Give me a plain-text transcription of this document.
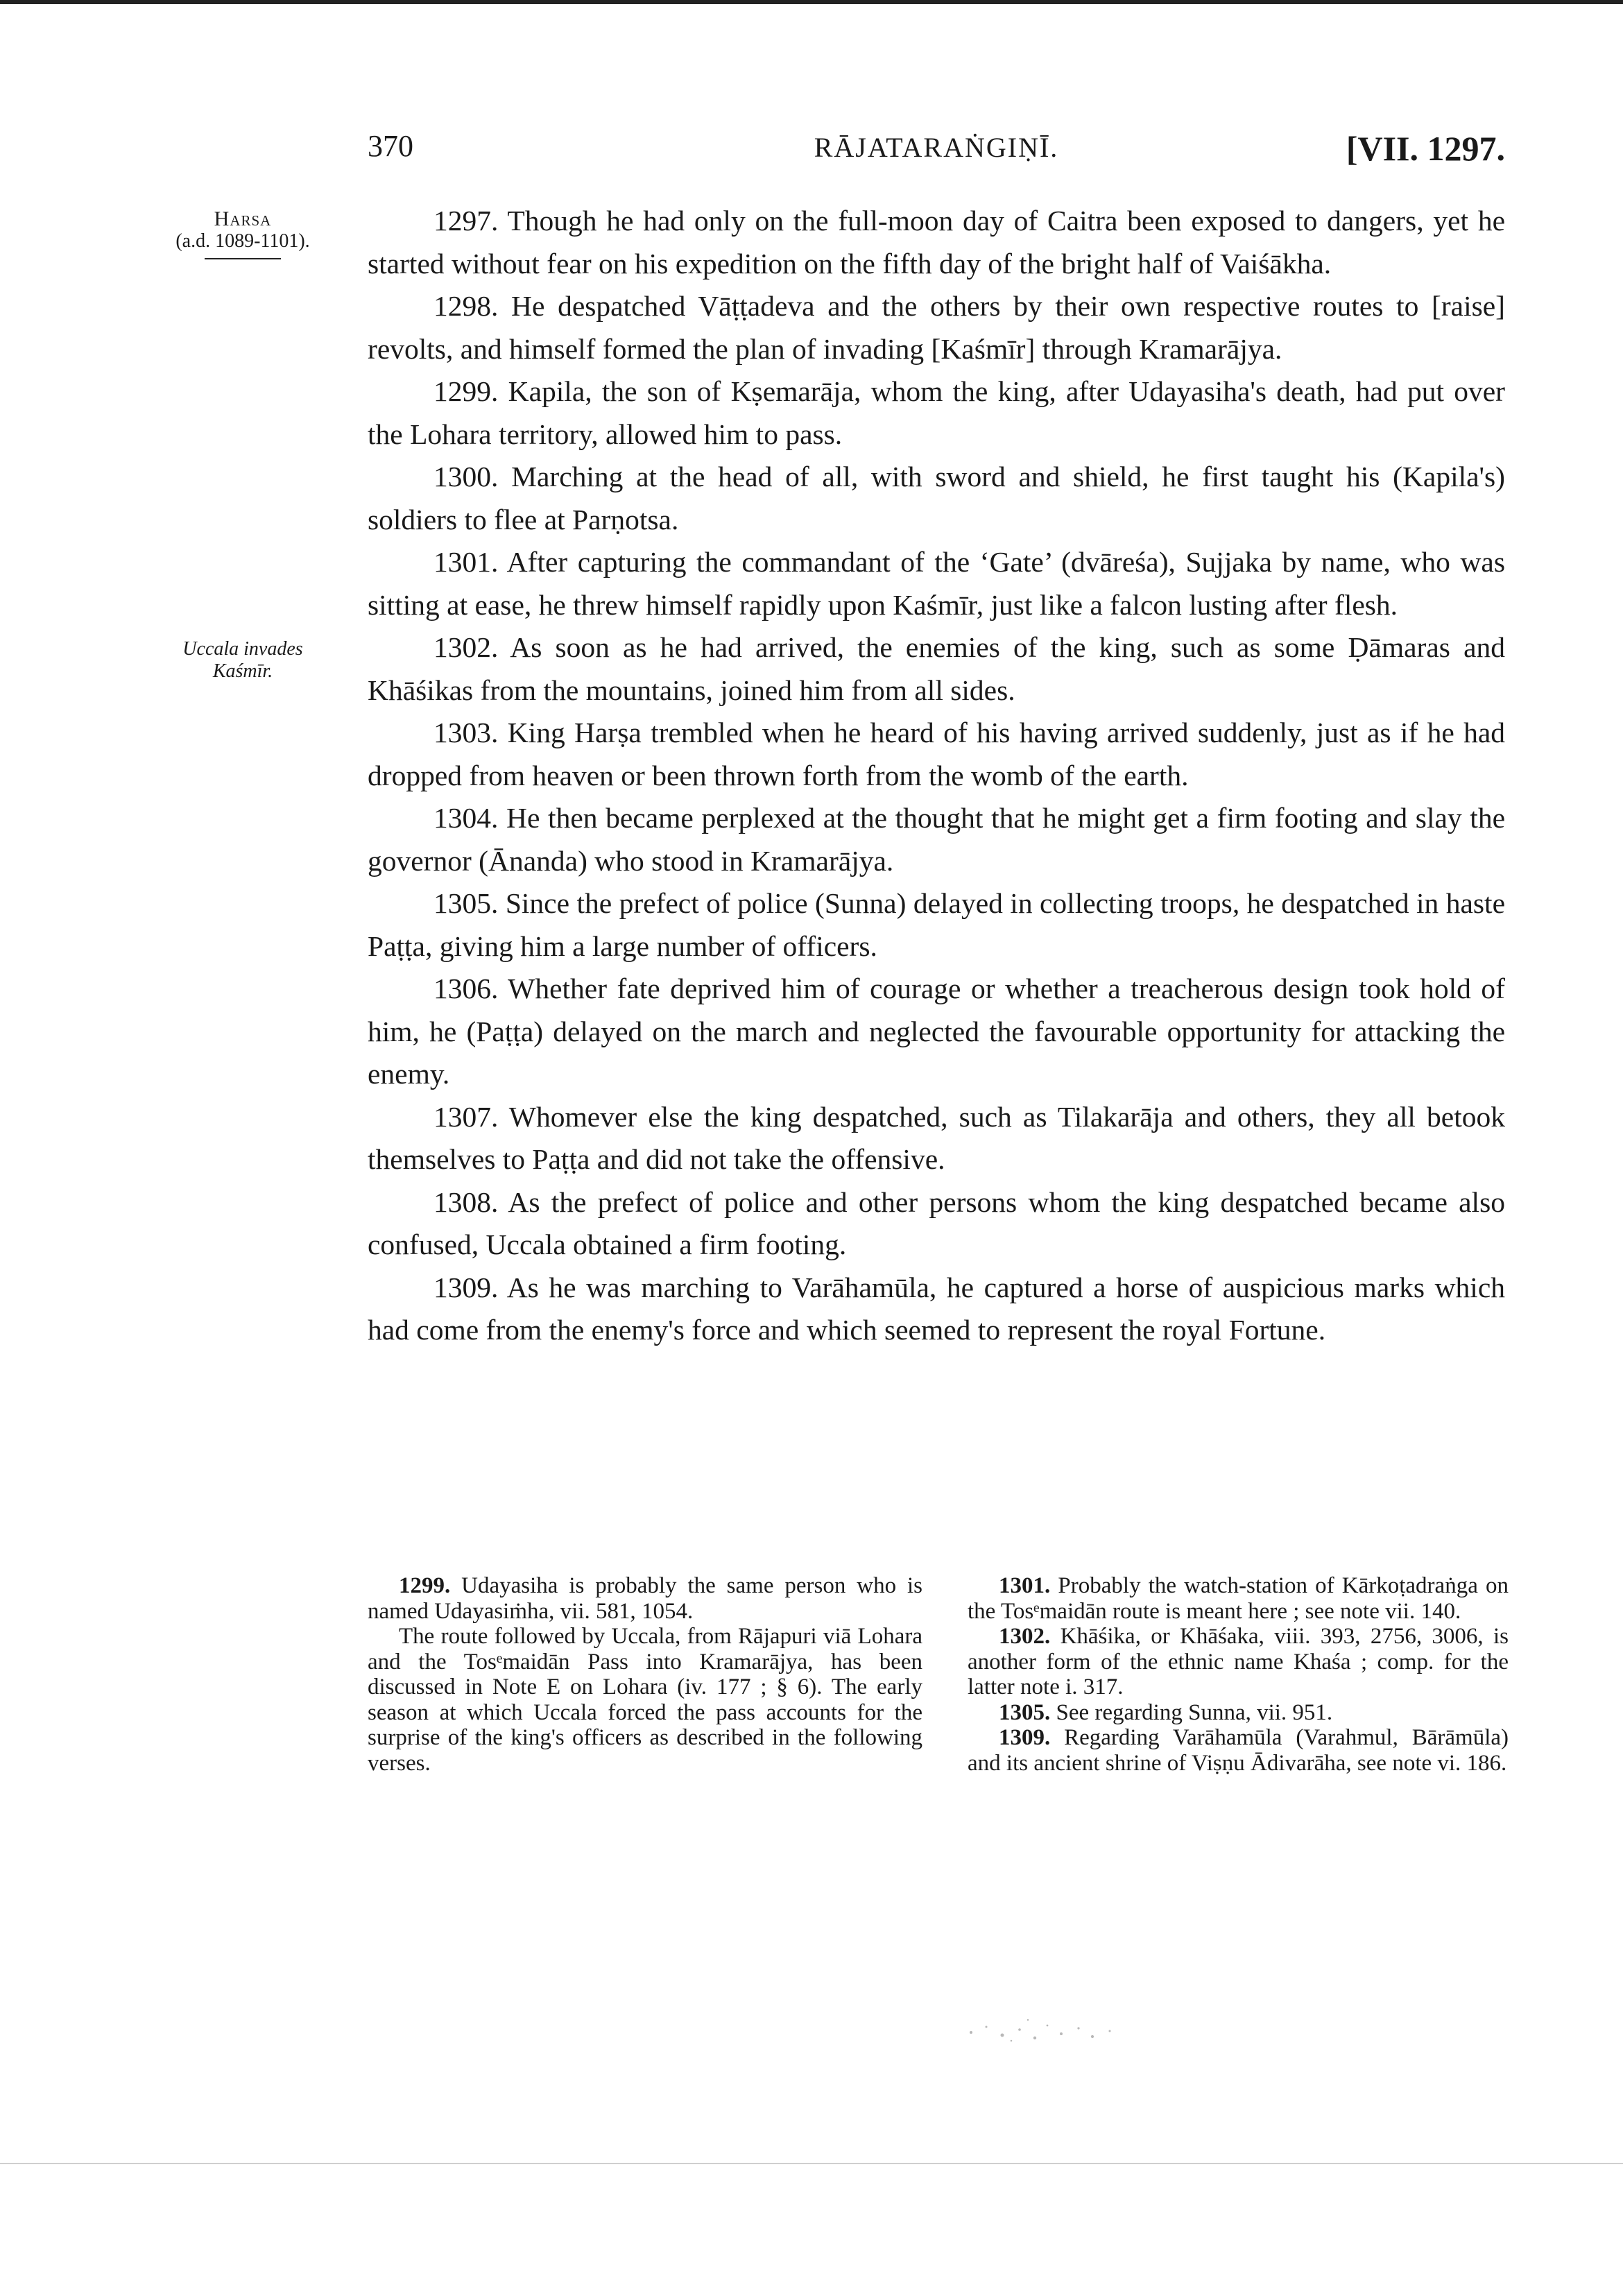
370	RĀJATARAṄGIṆĪ.	[VII. 1297.
Harsa
(a.d. 1089-1101).
Uccala invades
Kaśmīr.

1297. Though he had only on the full-moon day of Caitra been exposed to dangers, yet he started without fear on his expedition on the fifth day of the bright half of Vaiśākha.

1298. He despatched Vāṭṭadeva and the others by their own respective routes to [raise] revolts, and himself formed the plan of invading [Kaśmīr] through Kramarājya.

1299. Kapila, the son of Kṣemarāja, whom the king, after Udayasiha's death, had put over the Lohara territory, allowed him to pass.

1300. Marching at the head of all, with sword and shield, he first taught his (Kapila's) soldiers to flee at Parṇotsa.

1301. After capturing the commandant of the ‘Gate’ (dvāreśa), Sujjaka by name, who was sitting at ease, he threw himself rapidly upon Kaśmīr, just like a falcon lusting after flesh.

1302. As soon as he had arrived, the enemies of the king, such as some Ḍāmaras and Khāśikas from the mountains, joined him from all sides.

1303. King Harṣa trembled when he heard of his having arrived suddenly, just as if he had dropped from heaven or been thrown forth from the womb of the earth.

1304. He then became perplexed at the thought that he might get a firm footing and slay the governor (Ānanda) who stood in Kramarājya.

1305. Since the prefect of police (Sunna) delayed in collecting troops, he despatched in haste Paṭṭa, giving him a large number of officers.

1306. Whether fate deprived him of courage or whether a treacherous design took hold of him, he (Paṭṭa) delayed on the march and neglected the favourable opportunity for attacking the enemy.

1307. Whomever else the king despatched, such as Tilakarāja and others, they all betook themselves to Paṭṭa and did not take the offensive.

1308. As the prefect of police and other persons whom the king despatched became also confused, Uccala obtained a firm footing.

1309. As he was marching to Varāhamūla, he captured a horse of auspicious marks which had come from the enemy's force and which seemed to represent the royal Fortune.

1299. Udayasiha is probably the same person who is named Udayasiṁha, vii. 581, 1054.

The route followed by Uccala, from Rājapuri viā Lohara and the Tosᵉmaidān Pass into Kramarājya, has been discussed in Note E on Lohara (iv. 177 ; § 6). The early season at which Uccala forced the pass accounts for the surprise of the king's officers as described in the following verses.

1301. Probably the watch-station of Kārkoṭadraṅga on the Tosᵉmaidān route is meant here ; see note vii. 140.

1302. Khāśika, or Khāśaka, viii. 393, 2756, 3006, is another form of the ethnic name Khaśa ; comp. for the latter note i. 317.

1305. See regarding Sunna, vii. 951.

1309. Regarding Varāhamūla (Varahmul, Bārāmūla) and its ancient shrine of Viṣṇu Ādivarāha, see note vi. 186.
